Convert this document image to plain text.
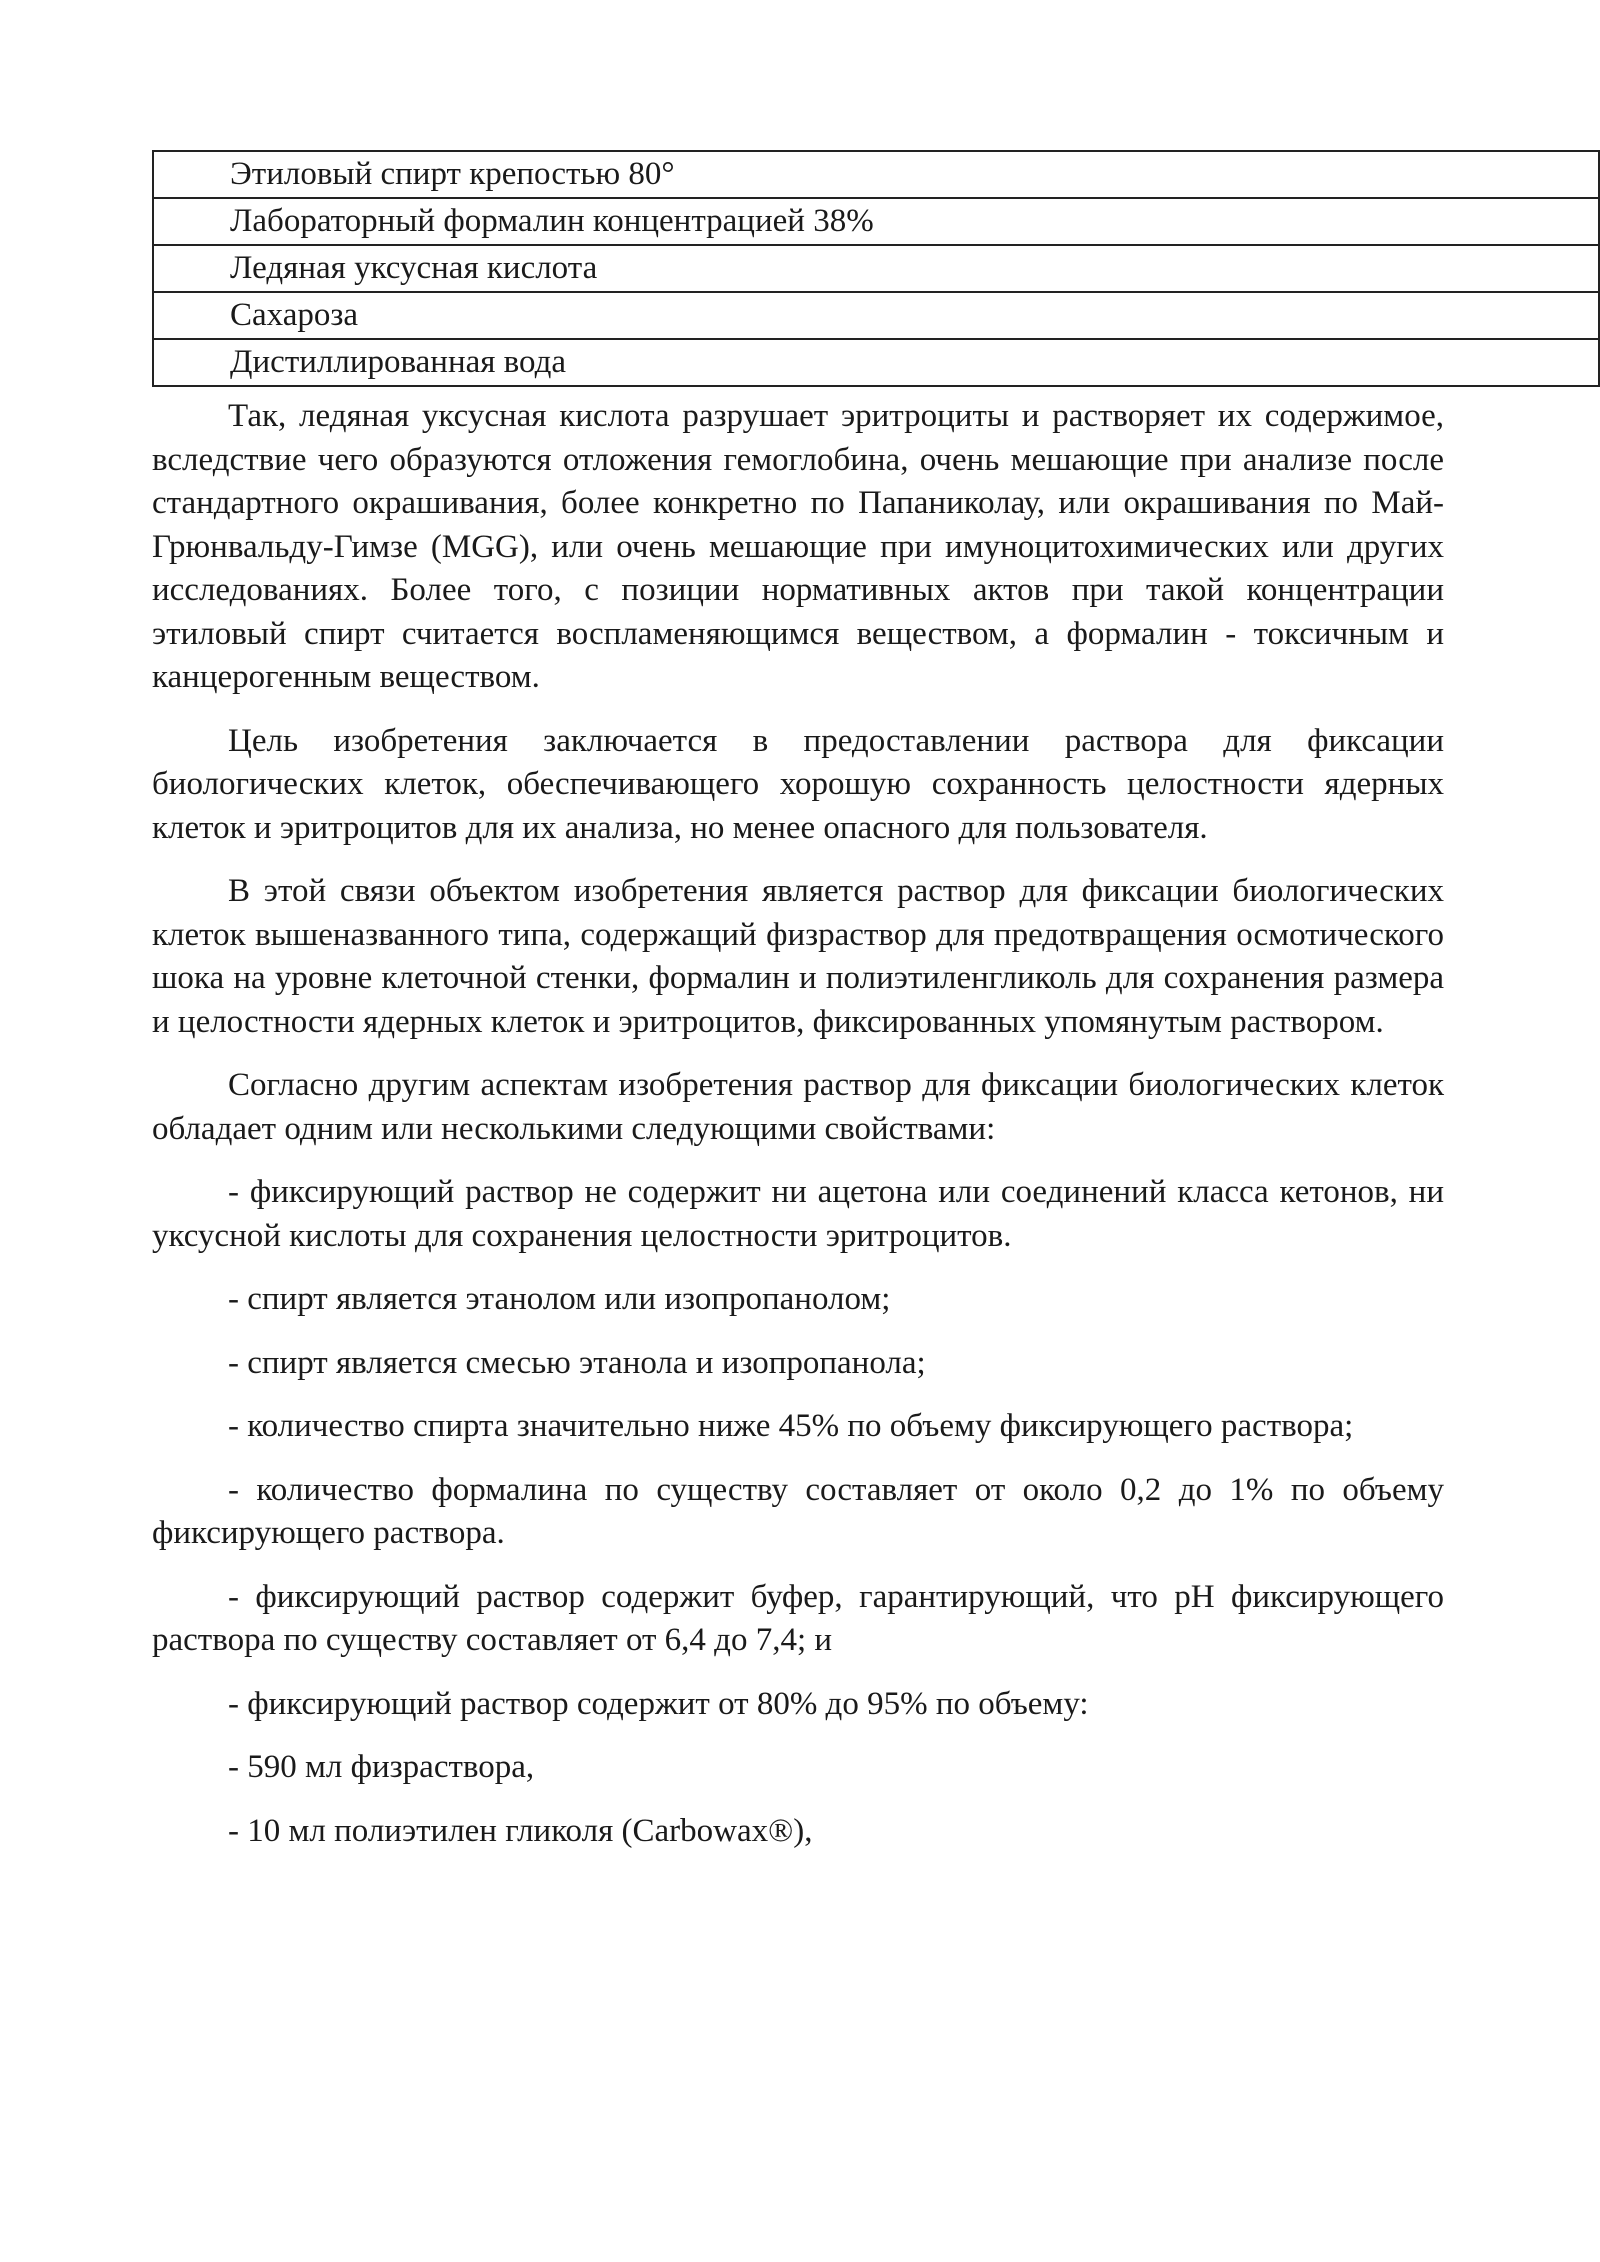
Этиловый спирт крепостью 80°
Лабораторный формалин концентрацией 38%
Ледяная уксусная кислота
Сахароза
Дистиллированная вода

Так, ледяная уксусная кислота разрушает эритроциты и растворяет их содержимое, вследствие чего образуются отложения гемоглобина, очень мешающие при анализе после стандартного окрашивания, более конкретно по Папаниколау, или окрашивания по Май-Грюнвальду-Гимзе (MGG), или очень мешающие при имуноцитохимических или других исследованиях. Более того, с позиции нормативных актов при такой концентрации этиловый спирт считается воспламеняющимся веществом, а формалин - токсичным и канцерогенным веществом.

Цель изобретения заключается в предоставлении раствора для фиксации биологических клеток, обеспечивающего хорошую сохранность целостности ядерных клеток и эритроцитов для их анализа, но менее опасного для пользователя.

В этой связи объектом изобретения является раствор для фиксации биологических клеток вышеназванного типа, содержащий физраствор для предотвращения осмотического шока на уровне клеточной стенки, формалин и полиэтиленгликоль для сохранения размера и целостности ядерных клеток и эритроцитов, фиксированных упомянутым раствором.

Согласно другим аспектам изобретения раствор для фиксации биологических клеток обладает одним или несколькими следующими свойствами:

- фиксирующий раствор не содержит ни ацетона или соединений класса кетонов, ни уксусной кислоты для сохранения целостности эритроцитов.

- спирт является этанолом или изопропанолом;

- спирт является смесью этанола и изопропанола;

- количество спирта значительно ниже 45% по объему фиксирующего раствора;

- количество формалина по существу составляет от около 0,2 до 1% по объему фиксирующего раствора.

- фиксирующий раствор содержит буфер, гарантирующий, что pH фиксирующего раствора по существу составляет от 6,4 до 7,4; и

- фиксирующий раствор содержит от 80% до 95% по объему:

- 590 мл физраствора,

- 10 мл полиэтилен гликоля (Carbowax®),
